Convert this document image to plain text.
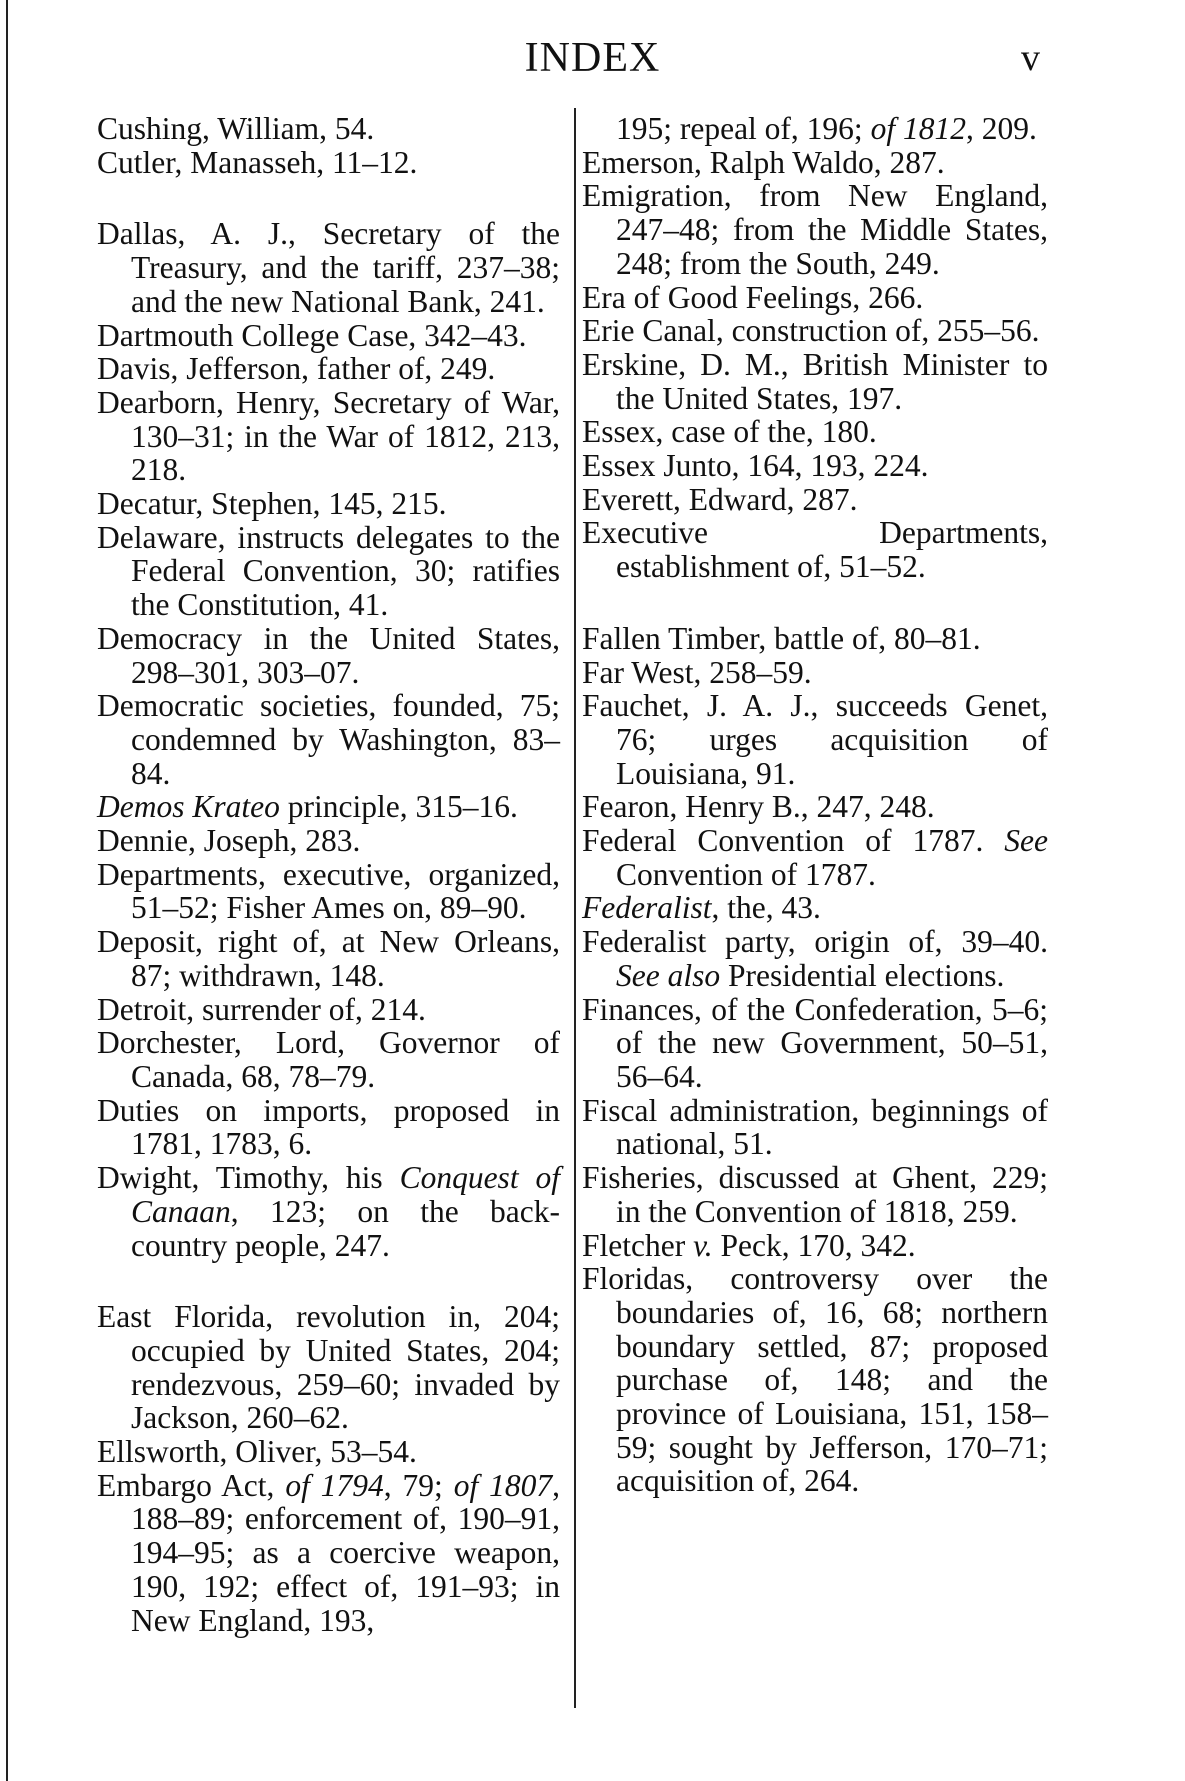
INDEX	v

Cushing, William, 54.

Cutler, Manasseh, 11–12.

Dallas, A. J., Secretary of the Treasury, and the tariff, 237–38; and the new National Bank, 241.

Dartmouth College Case, 342–43.

Davis, Jefferson, father of, 249.

Dearborn, Henry, Secretary of War, 130–31; in the War of 1812, 213, 218.

Decatur, Stephen, 145, 215.

Delaware, instructs delegates to the Federal Convention, 30; ratifies the Constitution, 41.

Democracy in the United States, 298–301, 303–07.

Democratic societies, founded, 75; condemned by Washington, 83–84.

Demos Krateo principle, 315–16.

Dennie, Joseph, 283.

Departments, executive, organized, 51–52; Fisher Ames on, 89–90.

Deposit, right of, at New Orleans, 87; withdrawn, 148.

Detroit, surrender of, 214.

Dorchester, Lord, Governor of Canada, 68, 78–79.

Duties on imports, proposed in 1781, 1783, 6.

Dwight, Timothy, his Conquest of Canaan, 123; on the back-country people, 247.

East Florida, revolution in, 204; occupied by United States, 204; rendezvous, 259–60; invaded by Jackson, 260–62.

Ellsworth, Oliver, 53–54.

Embargo Act, of 1794, 79; of 1807, 188–89; enforcement of, 190–91, 194–95; as a coercive weapon, 190, 192; effect of, 191–93; in New England, 193,

195; repeal of, 196; of 1812, 209.

Emerson, Ralph Waldo, 287.

Emigration, from New England, 247–48; from the Middle States, 248; from the South, 249.

Era of Good Feelings, 266.

Erie Canal, construction of, 255–56.

Erskine, D. M., British Minister to the United States, 197.

Essex, case of the, 180.

Essex Junto, 164, 193, 224.

Everett, Edward, 287.

Executive Departments, establishment of, 51–52.

Fallen Timber, battle of, 80–81.

Far West, 258–59.

Fauchet, J. A. J., succeeds Genet, 76; urges acquisition of Louisiana, 91.

Fearon, Henry B., 247, 248.

Federal Convention of 1787. See Convention of 1787.

Federalist, the, 43.

Federalist party, origin of, 39–40. See also Presidential elections.

Finances, of the Confederation, 5–6; of the new Government, 50–51, 56–64.

Fiscal administration, beginnings of national, 51.

Fisheries, discussed at Ghent, 229; in the Convention of 1818, 259.

Fletcher v. Peck, 170, 342.

Floridas, controversy over the boundaries of, 16, 68; northern boundary settled, 87; proposed purchase of, 148; and the province of Louisiana, 151, 158–59; sought by Jefferson, 170–71; acquisition of, 264.
